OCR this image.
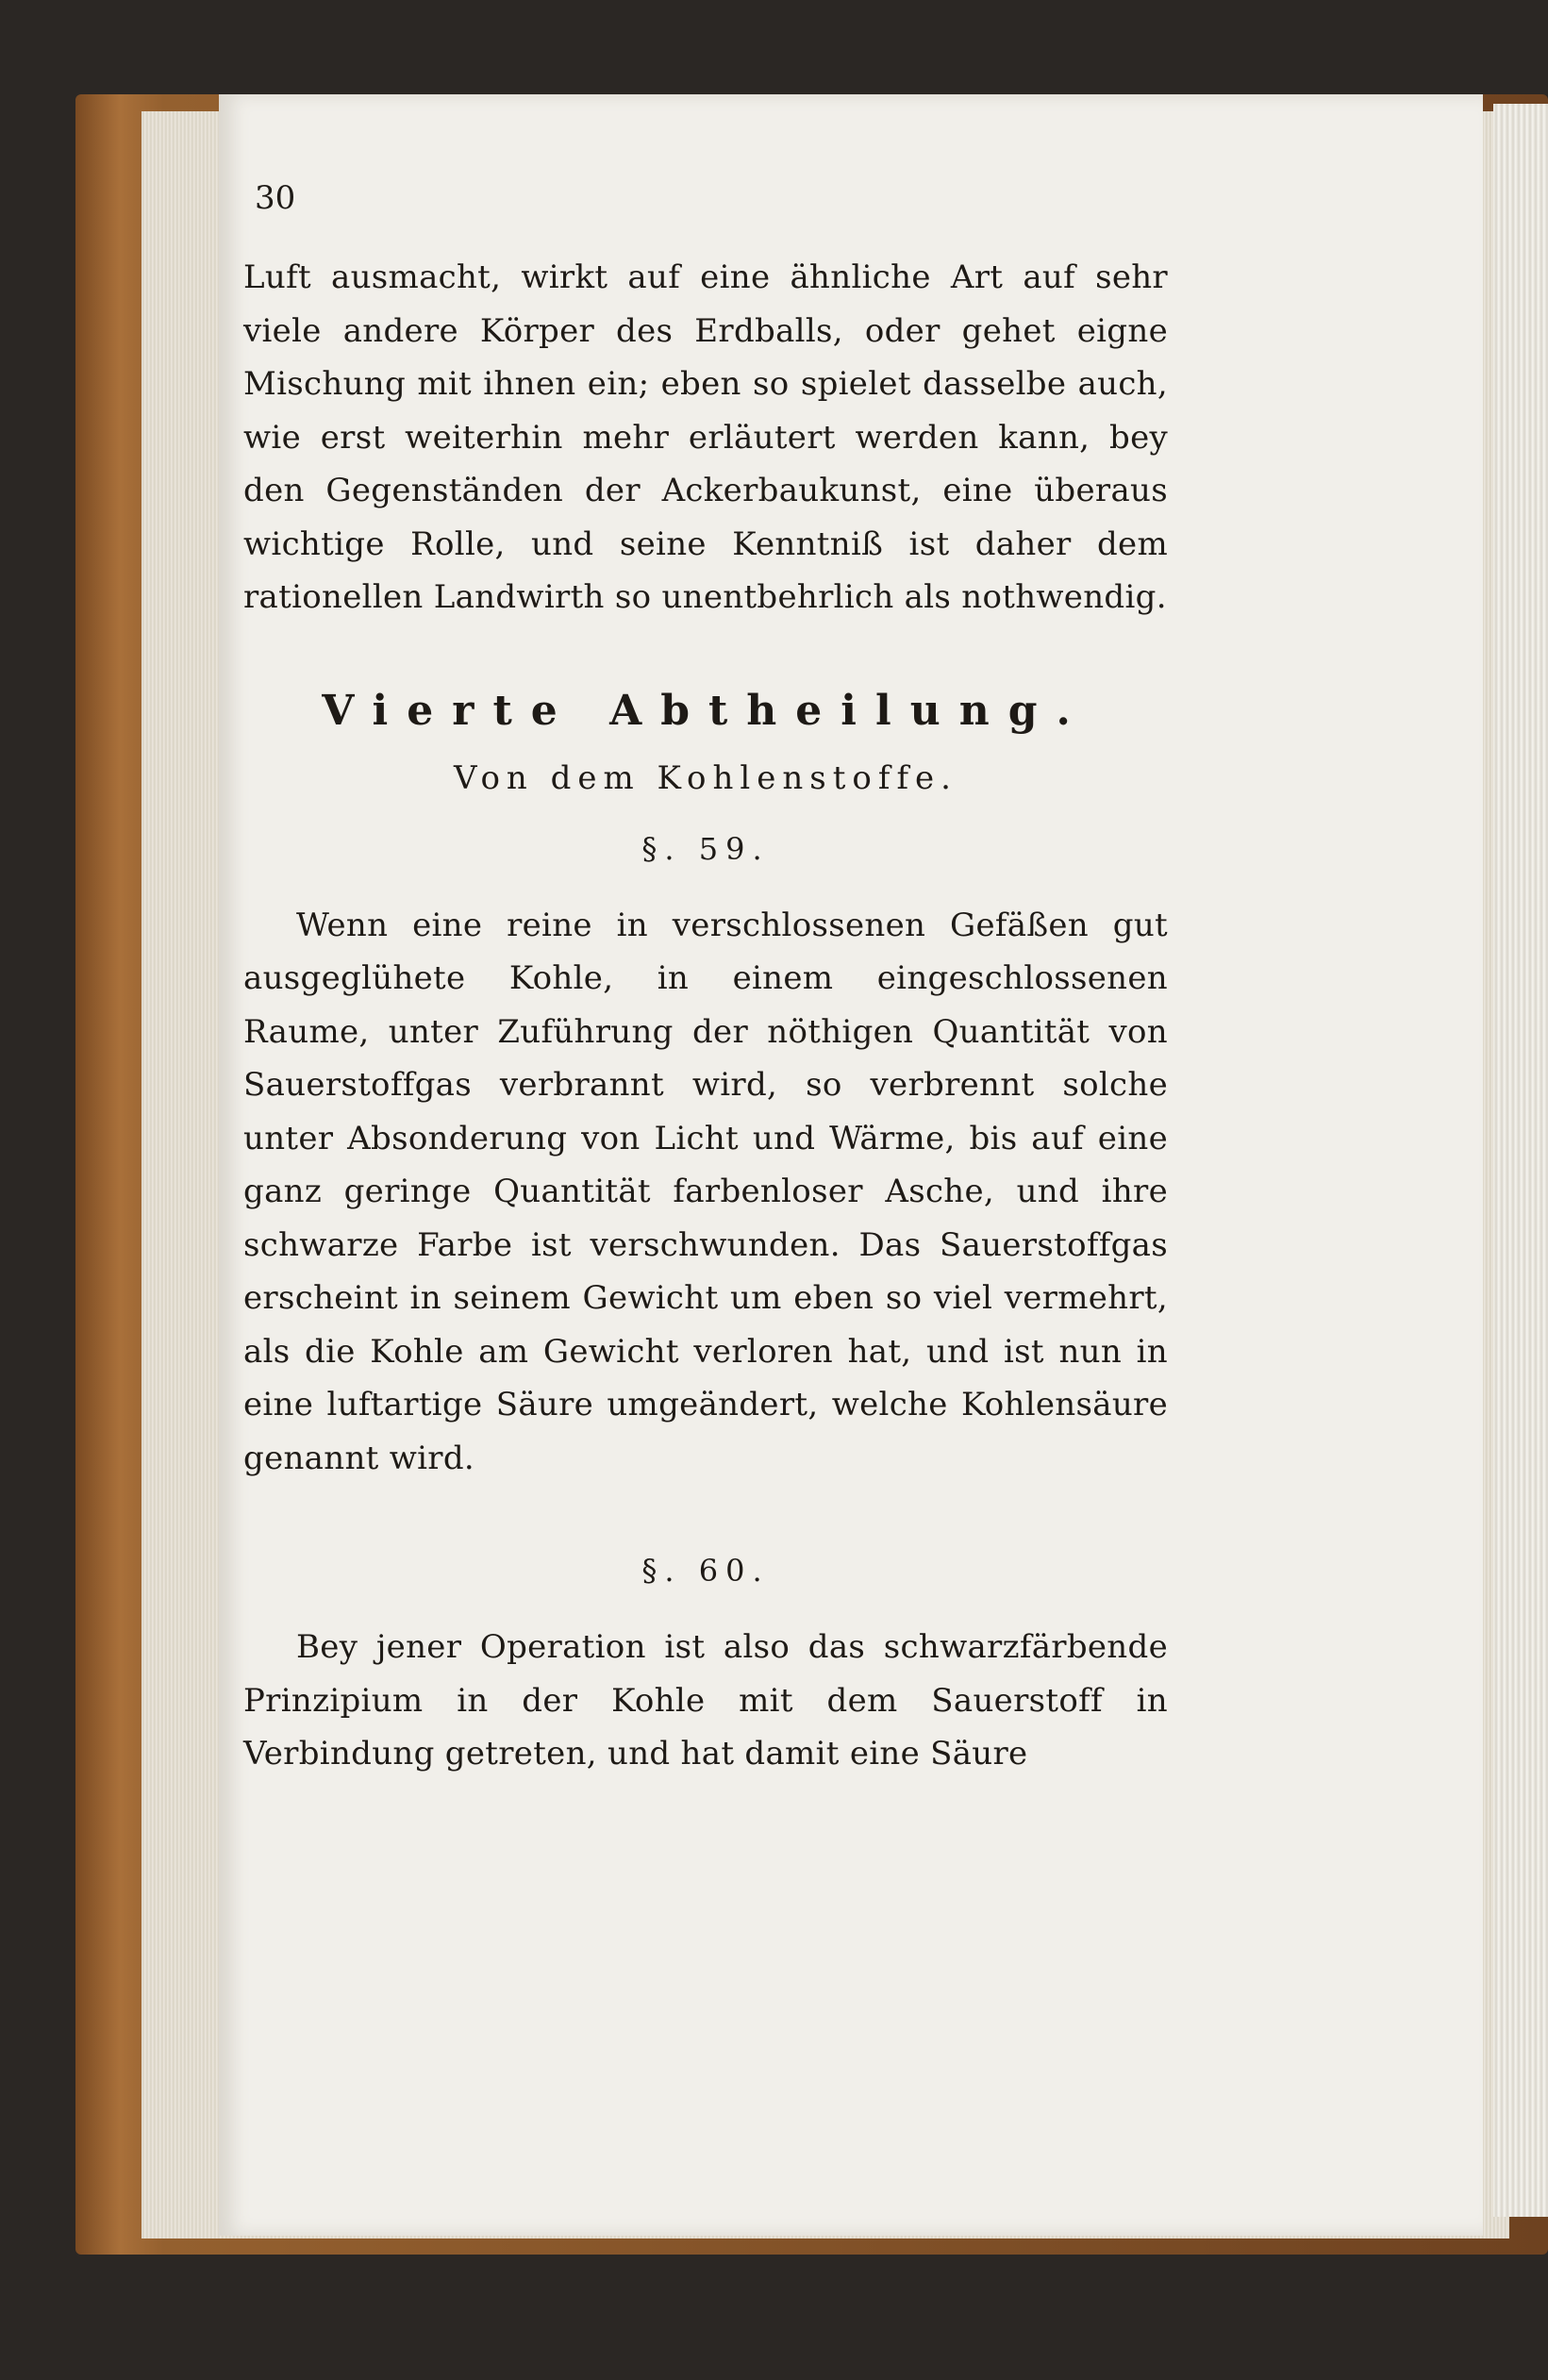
30

Luft ausmacht, wirkt auf eine ähnliche Art auf sehr viele andere Körper des Erdballs, oder gehet eigne Mischung mit ihnen ein; eben so spielet dasselbe auch, wie erst weiterhin mehr erläutert werden kann, bey den Gegenständen der Ackerbaukunst, eine überaus wichtige Rolle, und seine Kenntniß ist daher dem rationellen Landwirth so unentbehrlich als nothwendig.

Vierte Abtheilung.
Von dem Kohlenstoffe.
§. 59.

Wenn eine reine in verschlossenen Gefäßen gut ausgeglühete Kohle, in einem eingeschlossenen Raume, unter Zuführung der nöthigen Quantität von Sauerstoffgas verbrannt wird, so verbrennt solche unter Absonderung von Licht und Wärme, bis auf eine ganz geringe Quantität farbenloser Asche, und ihre schwarze Farbe ist verschwunden. Das Sauerstoffgas erscheint in seinem Gewicht um eben so viel vermehrt, als die Kohle am Gewicht verloren hat, und ist nun in eine luftartige Säure umgeändert, welche Kohlensäure genannt wird.

§. 60.

Bey jener Operation ist also das schwarzfärbende Prinzipium in der Kohle mit dem Sauerstoff in Verbindung getreten, und hat damit eine Säure
